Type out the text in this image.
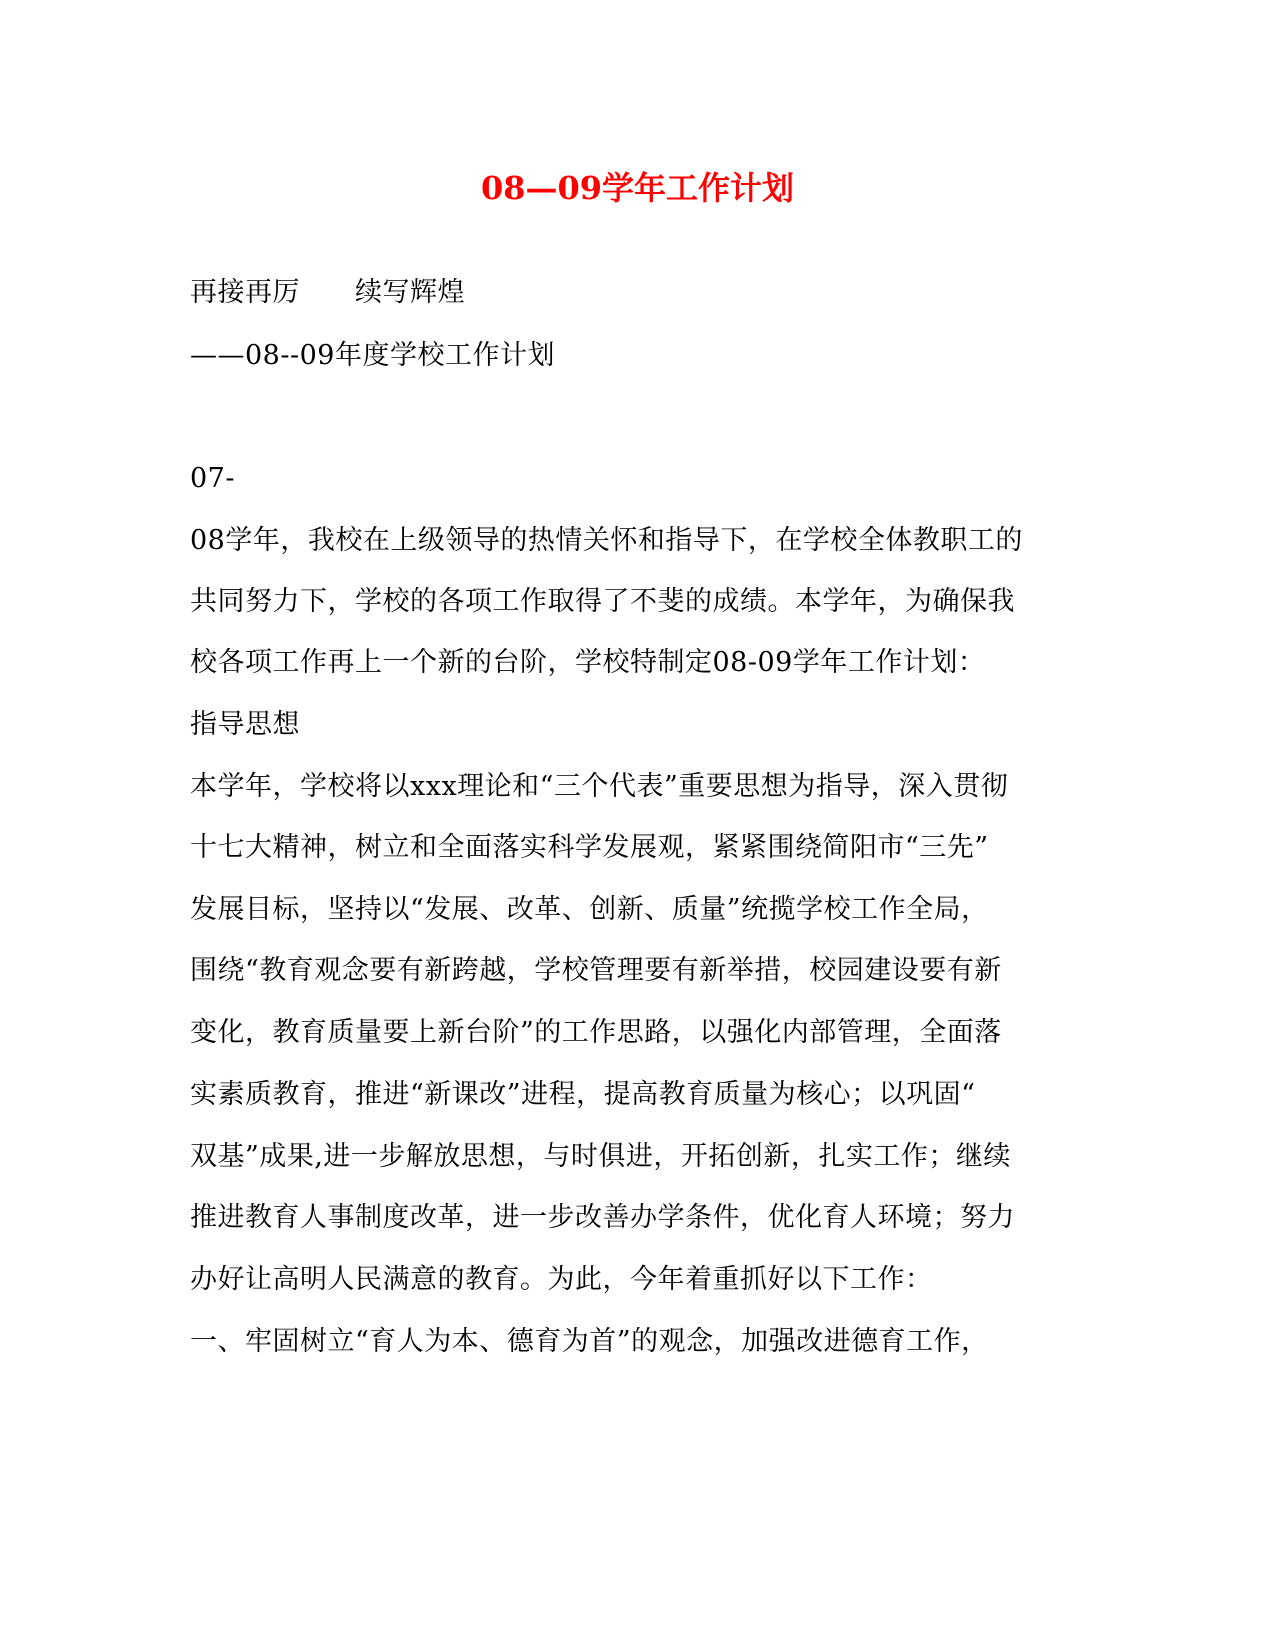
08—09学年工作计划
再接再厉　　续写辉煌
——08--09年度学校工作计划
07-
08学年，我校在上级领导的热情关怀和指导下，在学校全体教职工的
共同努力下，学校的各项工作取得了不斐的成绩。本学年，为确保我
校各项工作再上一个新的台阶，学校特制定08-09学年工作计划：
指导思想
本学年，学校将以xxx理论和“三个代表”重要思想为指导，深入贯彻
十七大精神，树立和全面落实科学发展观，紧紧围绕简阳市“三先”
发展目标，坚持以“发展、改革、创新、质量”统揽学校工作全局，
围绕“教育观念要有新跨越，学校管理要有新举措，校园建设要有新
变化，教育质量要上新台阶”的工作思路，以强化内部管理，全面落
实素质教育，推进“新课改”进程，提高教育质量为核心；以巩固“
双基”成果,进一步解放思想，与时俱进，开拓创新，扎实工作；继续
推进教育人事制度改革，进一步改善办学条件，优化育人环境；努力
办好让高明人民满意的教育。为此，今年着重抓好以下工作：
一、牢固树立“育人为本、德育为首”的观念，加强改进德育工作，
